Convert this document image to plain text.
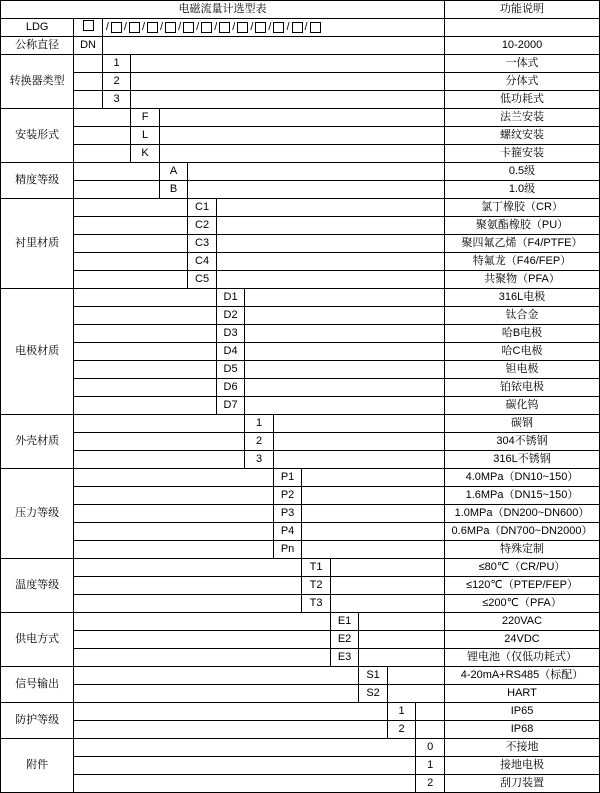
电磁流量计选型表														功能说明
LDG		/ / / / / / / / / / / /

公称直径	DN													10-2000
转换器类型		1												一体式
		2												分体式
		3												低功耗式
安装形式			F											法兰安装
			L											螺纹安装
			K											卡箍安装
精度等级				A										0.5级
				B										1.0级
衬里材质					C1									氯丁橡胶（CR）
					C2									聚氨酯橡胶（PU）
					C3									聚四氟乙烯（F4/PTFE）
					C4									特氟龙（F46/FEP）
					C5									共聚物（PFA）
电极材质						D1								316L电极
						D2								钛合金
						D3								哈B电极
						D4								哈C电极
						D5								钽电极
						D6								铂铱电极
						D7								碳化钨
外壳材质							1							碳钢
							2							304不锈钢
							3							316L不锈钢
压力等级								P1						4.0MPa（DN10~150）
								P2						1.6MPa（DN15~150）
								P3						1.0MPa（DN200~DN600）
								P4						0.6MPa（DN700~DN2000）
								Pn						特殊定制
温度等级									T1					≤80℃（CR/PU）
									T2					≤120℃（PTEP/FEP）
									T3					≤200℃（PFA）
供电方式										E1				220VAC
										E2				24VDC
										E3				锂电池（仅低功耗式）
信号输出											S1			4-20mA+RS485（标配）
											S2			HART
防护等级												1		IP65
												2		IP68
附件													0	不接地
													1	接地电极
													2	刮刀装置
